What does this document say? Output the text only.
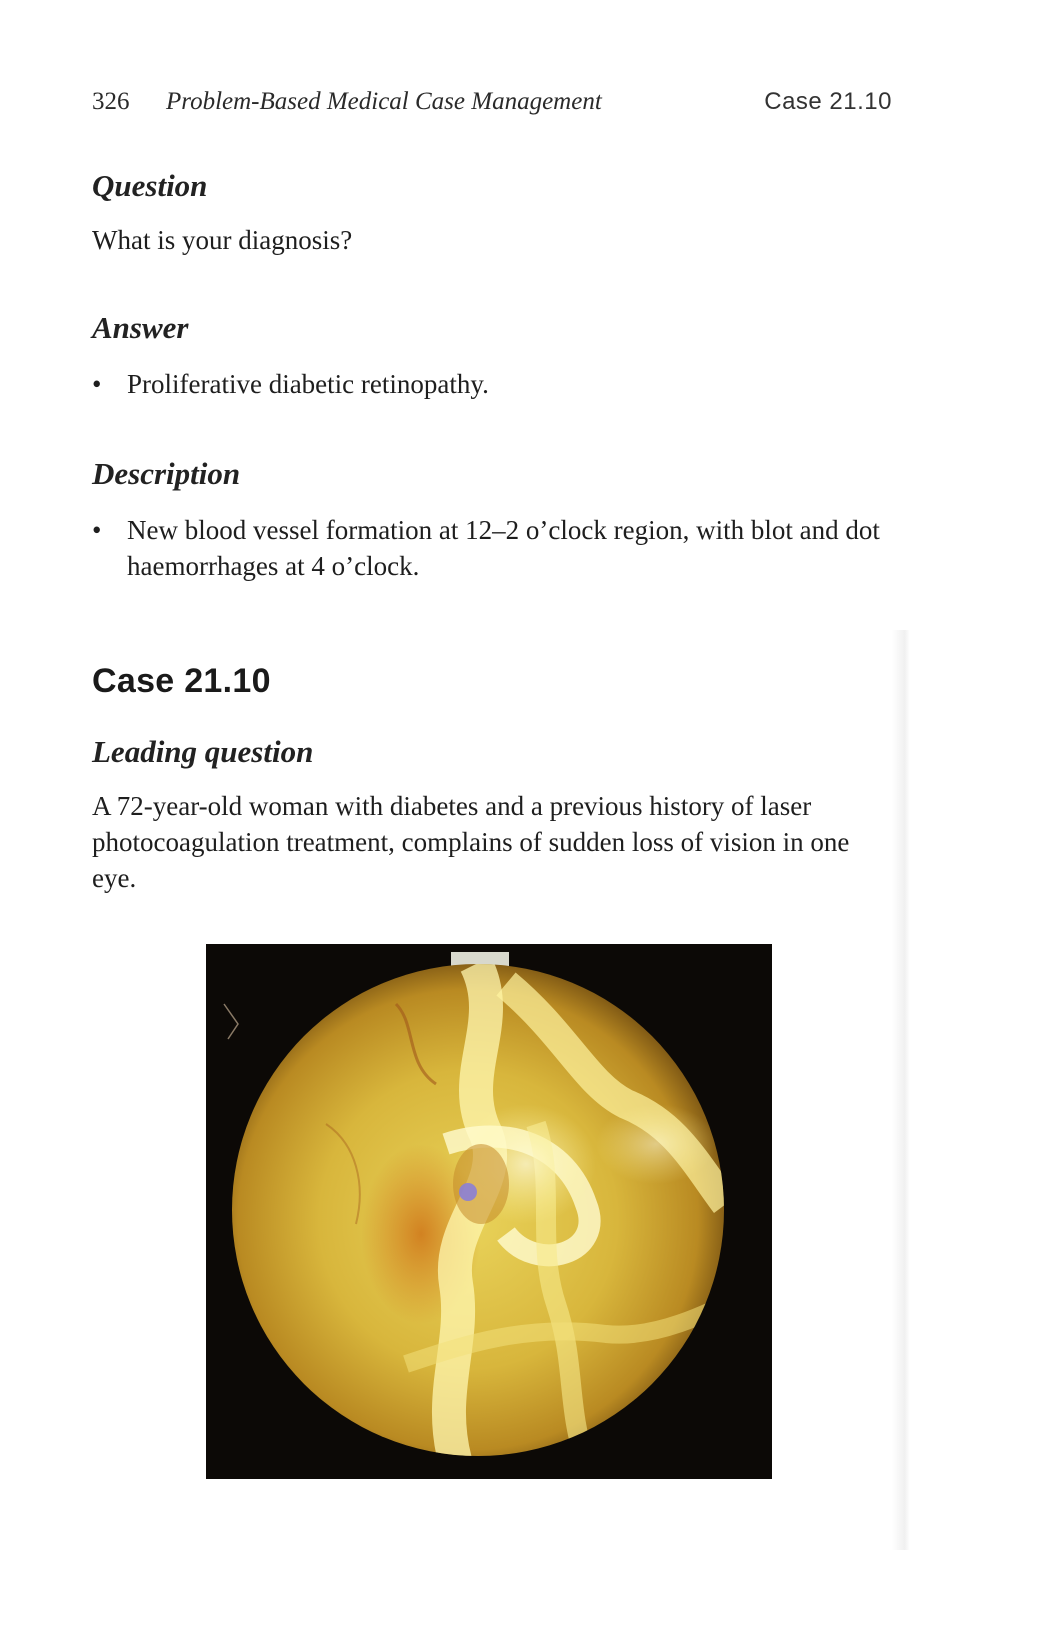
326 Problem-Based Medical Case Management	Case 21.10
Question

What is your diagnosis?

Answer
• Proliferative diabetic retinopathy.
Description
• New blood vessel formation at 12–2 o’clock region, with blot and dot haemorrhages at 4 o’clock.
Case 21.10
Leading question

A 72-year-old woman with diabetes and a previous history of laser photocoagulation treatment, complains of sudden loss of vision in one eye.
